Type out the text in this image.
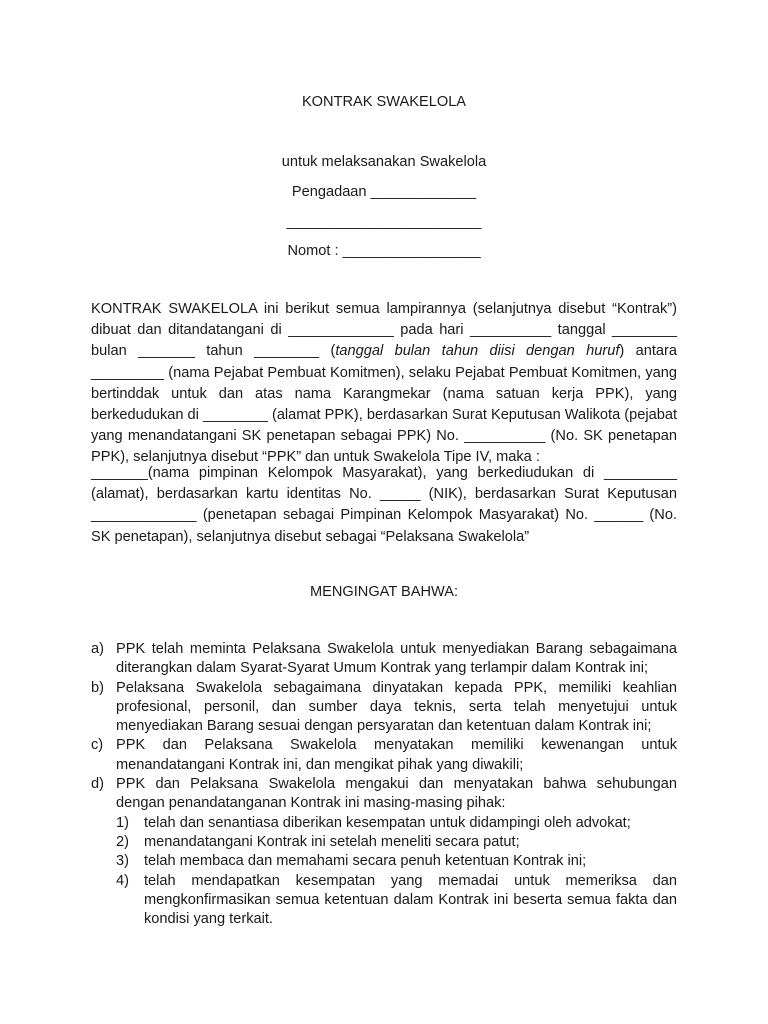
KONTRAK SWAKELOLA
untuk melaksanakan Swakelola
Pengadaan _____________
________________________
Nomot : _________________

KONTRAK SWAKELOLA ini berikut semua lampirannya (selanjutnya disebut “Kontrak”) dibuat dan ditandatangani di _____________ pada hari __________ tanggal ________ bulan _______ tahun ________ (tanggal bulan tahun diisi dengan huruf) antara _________ (nama Pejabat Pembuat Komitmen), selaku Pejabat Pembuat Komitmen, yang bertinddak untuk dan atas nama Karangmekar (nama satuan kerja PPK), yang berkedudukan di ________ (alamat PPK), berdasarkan Surat Keputusan Walikota (pejabat yang menandatangani SK penetapan sebagai PPK) No. __________ (No. SK penetapan PPK), selanjutnya disebut “PPK” dan untuk Swakelola Tipe IV, maka :

_______(nama pimpinan Kelompok Masyarakat), yang berkediudukan di _________ (alamat), berdasarkan kartu identitas No. _____ (NIK), berdasarkan Surat Keputusan _____________ (penetapan sebagai Pimpinan Kelompok Masyarakat) No. ______ (No. SK penetapan), selanjutnya disebut sebagai “Pelaksana Swakelola”

MENGINGAT BAHWA:
a) PPK telah meminta Pelaksana Swakelola untuk menyediakan Barang sebagaimana diterangkan dalam Syarat-Syarat Umum Kontrak yang terlampir dalam Kontrak ini;
b) Pelaksana Swakelola sebagaimana dinyatakan kepada PPK, memiliki keahlian profesional, personil, dan sumber daya teknis, serta telah menyetujui untuk menyediakan Barang sesuai dengan persyaratan dan ketentuan dalam Kontrak ini;
c) PPK dan Pelaksana Swakelola menyatakan memiliki kewenangan untuk menandatangani Kontrak ini, dan mengikat pihak yang diwakili;
d) PPK dan Pelaksana Swakelola mengakui dan menyatakan bahwa sehubungan dengan penandatanganan Kontrak ini masing-masing pihak:
1)	telah dan senantiasa diberikan kesempatan untuk didampingi oleh advokat;
2)	menandatangani Kontrak ini setelah meneliti secara patut;
3)	telah membaca dan memahami secara penuh ketentuan Kontrak ini;
4)	telah mendapatkan kesempatan yang memadai untuk memeriksa dan mengkonfirmasikan semua ketentuan dalam Kontrak ini beserta semua fakta dan kondisi yang terkait.
